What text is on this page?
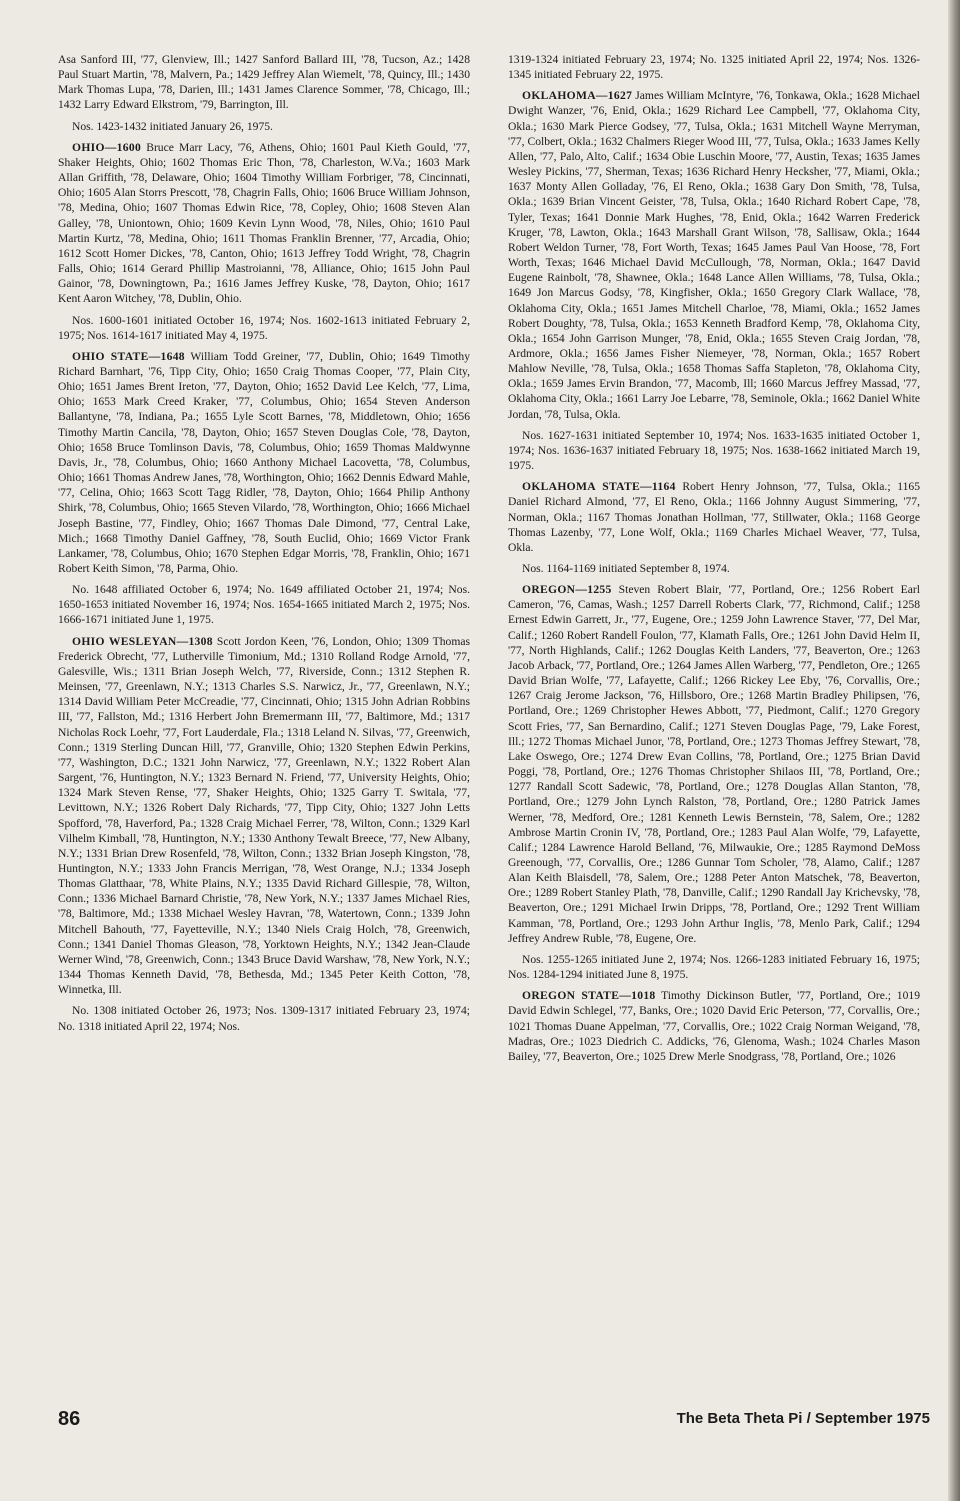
Asa Sanford III, '77, Glenview, Ill.; 1427 Sanford Ballard III, '78, Tucson, Az.; 1428 Paul Stuart Martin, '78, Malvern, Pa.; 1429 Jeffrey Alan Wiemelt, '78, Quincy, Ill.; 1430 Mark Thomas Lupa, '78, Darien, Ill.; 1431 James Clarence Sommer, '78, Chicago, Ill.; 1432 Larry Edward Elkstrom, '79, Barrington, Ill.

Nos. 1423-1432 initiated January 26, 1975.

OHIO—1600 Bruce Marr Lacy, '76, Athens, Ohio; 1601 Paul Kieth Gould, '77, Shaker Heights, Ohio; 1602 Thomas Eric Thon, '78, Charleston, W.Va.; 1603 Mark Allan Griffith, '78, Delaware, Ohio; 1604 Timothy William Forbriger, '78, Cincinnati, Ohio; 1605 Alan Storrs Prescott, '78, Chagrin Falls, Ohio; 1606 Bruce William Johnson, '78, Medina, Ohio; 1607 Thomas Edwin Rice, '78, Copley, Ohio; 1608 Steven Alan Galley, '78, Uniontown, Ohio; 1609 Kevin Lynn Wood, '78, Niles, Ohio; 1610 Paul Martin Kurtz, '78, Medina, Ohio; 1611 Thomas Franklin Brenner, '77, Arcadia, Ohio; 1612 Scott Homer Dickes, '78, Canton, Ohio; 1613 Jeffrey Todd Wright, '78, Chagrin Falls, Ohio; 1614 Gerard Phillip Mastroianni, '78, Alliance, Ohio; 1615 John Paul Gainor, '78, Downingtown, Pa.; 1616 James Jeffrey Kuske, '78, Dayton, Ohio; 1617 Kent Aaron Witchey, '78, Dublin, Ohio.

Nos. 1600-1601 initiated October 16, 1974; Nos. 1602-1613 initiated February 2, 1975; Nos. 1614-1617 initiated May 4, 1975.

OHIO STATE—1648 William Todd Greiner, '77, Dublin, Ohio; 1649 Timothy Richard Barnhart, '76, Tipp City, Ohio; 1650 Craig Thomas Cooper, '77, Plain City, Ohio; 1651 James Brent Ireton, '77, Dayton, Ohio; 1652 David Lee Kelch, '77, Lima, Ohio; 1653 Mark Creed Kraker, '77, Columbus, Ohio; 1654 Steven Anderson Ballantyne, '78, Indiana, Pa.; 1655 Lyle Scott Barnes, '78, Middletown, Ohio; 1656 Timothy Martin Cancila, '78, Dayton, Ohio; 1657 Steven Douglas Cole, '78, Dayton, Ohio; 1658 Bruce Tomlinson Davis, '78, Columbus, Ohio; 1659 Thomas Maldwynne Davis, Jr., '78, Columbus, Ohio; 1660 Anthony Michael Lacovetta, '78, Columbus, Ohio; 1661 Thomas Andrew Janes, '78, Worthington, Ohio; 1662 Dennis Edward Mahle, '77, Celina, Ohio; 1663 Scott Tagg Ridler, '78, Dayton, Ohio; 1664 Philip Anthony Shirk, '78, Columbus, Ohio; 1665 Steven Vilardo, '78, Worthington, Ohio; 1666 Michael Joseph Bastine, '77, Findley, Ohio; 1667 Thomas Dale Dimond, '77, Central Lake, Mich.; 1668 Timothy Daniel Gaffney, '78, South Euclid, Ohio; 1669 Victor Frank Lankamer, '78, Columbus, Ohio; 1670 Stephen Edgar Morris, '78, Franklin, Ohio; 1671 Robert Keith Simon, '78, Parma, Ohio.

No. 1648 affiliated October 6, 1974; No. 1649 affiliated October 21, 1974; Nos. 1650-1653 initiated November 16, 1974; Nos. 1654-1665 initiated March 2, 1975; Nos. 1666-1671 initiated June 1, 1975.

OHIO WESLEYAN—1308 Scott Jordon Keen, '76, London, Ohio; 1309 Thomas Frederick Obrecht, '77, Lutherville Timonium, Md.; 1310 Rolland Rodge Arnold, '77, Galesville, Wis.; 1311 Brian Joseph Welch, '77, Riverside, Conn.; 1312 Stephen R. Meinsen, '77, Greenlawn, N.Y.; 1313 Charles S.S. Narwicz, Jr., '77, Greenlawn, N.Y.; 1314 David William Peter McCreadie, '77, Cincinnati, Ohio; 1315 John Adrian Robbins III, '77, Fallston, Md.; 1316 Herbert John Bremermann III, '77, Baltimore, Md.; 1317 Nicholas Rock Loehr, '77, Fort Lauderdale, Fla.; 1318 Leland N. Silvas, '77, Greenwich, Conn.; 1319 Sterling Duncan Hill, '77, Granville, Ohio; 1320 Stephen Edwin Perkins, '77, Washington, D.C.; 1321 John Narwicz, '77, Greenlawn, N.Y.; 1322 Robert Alan Sargent, '76, Huntington, N.Y.; 1323 Bernard N. Friend, '77, University Heights, Ohio; 1324 Mark Steven Rense, '77, Shaker Heights, Ohio; 1325 Garry T. Switala, '77, Levittown, N.Y.; 1326 Robert Daly Richards, '77, Tipp City, Ohio; 1327 John Letts Spofford, '78, Haverford, Pa.; 1328 Craig Michael Ferrer, '78, Wilton, Conn.; 1329 Karl Vilhelm Kimball, '78, Huntington, N.Y.; 1330 Anthony Tewalt Breece, '77, New Albany, N.Y.; 1331 Brian Drew Rosenfeld, '78, Wilton, Conn.; 1332 Brian Joseph Kingston, '78, Huntington, N.Y.; 1333 John Francis Merrigan, '78, West Orange, N.J.; 1334 Joseph Thomas Glatthaar, '78, White Plains, N.Y.; 1335 David Richard Gillespie, '78, Wilton, Conn.; 1336 Michael Barnard Christie, '78, New York, N.Y.; 1337 James Michael Ries, '78, Baltimore, Md.; 1338 Michael Wesley Havran, '78, Watertown, Conn.; 1339 John Mitchell Bahouth, '77, Fayetteville, N.Y.; 1340 Niels Craig Holch, '78, Greenwich, Conn.; 1341 Daniel Thomas Gleason, '78, Yorktown Heights, N.Y.; 1342 Jean-Claude Werner Wind, '78, Greenwich, Conn.; 1343 Bruce David Warshaw, '78, New York, N.Y.; 1344 Thomas Kenneth David, '78, Bethesda, Md.; 1345 Peter Keith Cotton, '78, Winnetka, Ill.

No. 1308 initiated October 26, 1973; Nos. 1309-1317 initiated February 23, 1974; No. 1318 initiated April 22, 1974; Nos.

1319-1324 initiated February 23, 1974; No. 1325 initiated April 22, 1974; Nos. 1326-1345 initiated February 22, 1975.

OKLAHOMA—1627 James William McIntyre, '76, Tonkawa, Okla.; 1628 Michael Dwight Wanzer, '76, Enid, Okla.; 1629 Richard Lee Campbell, '77, Oklahoma City, Okla.; 1630 Mark Pierce Godsey, '77, Tulsa, Okla.; 1631 Mitchell Wayne Merryman, '77, Colbert, Okla.; 1632 Chalmers Rieger Wood III, '77, Tulsa, Okla.; 1633 James Kelly Allen, '77, Palo, Alto, Calif.; 1634 Obie Luschin Moore, '77, Austin, Texas; 1635 James Wesley Pickins, '77, Sherman, Texas; 1636 Richard Henry Hecksher, '77, Miami, Okla.; 1637 Monty Allen Golladay, '76, El Reno, Okla.; 1638 Gary Don Smith, '78, Tulsa, Okla.; 1639 Brian Vincent Geister, '78, Tulsa, Okla.; 1640 Richard Robert Cape, '78, Tyler, Texas; 1641 Donnie Mark Hughes, '78, Enid, Okla.; 1642 Warren Frederick Kruger, '78, Lawton, Okla.; 1643 Marshall Grant Wilson, '78, Sallisaw, Okla.; 1644 Robert Weldon Turner, '78, Fort Worth, Texas; 1645 James Paul Van Hoose, '78, Fort Worth, Texas; 1646 Michael David McCullough, '78, Norman, Okla.; 1647 David Eugene Rainbolt, '78, Shawnee, Okla.; 1648 Lance Allen Williams, '78, Tulsa, Okla.; 1649 Jon Marcus Godsy, '78, Kingfisher, Okla.; 1650 Gregory Clark Wallace, '78, Oklahoma City, Okla.; 1651 James Mitchell Charloe, '78, Miami, Okla.; 1652 James Robert Doughty, '78, Tulsa, Okla.; 1653 Kenneth Bradford Kemp, '78, Oklahoma City, Okla.; 1654 John Garrison Munger, '78, Enid, Okla.; 1655 Steven Craig Jordan, '78, Ardmore, Okla.; 1656 James Fisher Niemeyer, '78, Norman, Okla.; 1657 Robert Mahlow Neville, '78, Tulsa, Okla.; 1658 Thomas Saffa Stapleton, '78, Oklahoma City, Okla.; 1659 James Ervin Brandon, '77, Macomb, Ill; 1660 Marcus Jeffrey Massad, '77, Oklahoma City, Okla.; 1661 Larry Joe Lebarre, '78, Seminole, Okla.; 1662 Daniel White Jordan, '78, Tulsa, Okla.

Nos. 1627-1631 initiated September 10, 1974; Nos. 1633-1635 initiated October 1, 1974; Nos. 1636-1637 initiated February 18, 1975; Nos. 1638-1662 initiated March 19, 1975.

OKLAHOMA STATE—1164 Robert Henry Johnson, '77, Tulsa, Okla.; 1165 Daniel Richard Almond, '77, El Reno, Okla.; 1166 Johnny August Simmering, '77, Norman, Okla.; 1167 Thomas Jonathan Hollman, '77, Stillwater, Okla.; 1168 George Thomas Lazenby, '77, Lone Wolf, Okla.; 1169 Charles Michael Weaver, '77, Tulsa, Okla.

Nos. 1164-1169 initiated September 8, 1974.

OREGON—1255 Steven Robert Blair, '77, Portland, Ore.; 1256 Robert Earl Cameron, '76, Camas, Wash.; 1257 Darrell Roberts Clark, '77, Richmond, Calif.; 1258 Ernest Edwin Garrett, Jr., '77, Eugene, Ore.; 1259 John Lawrence Staver, '77, Del Mar, Calif.; 1260 Robert Randell Foulon, '77, Klamath Falls, Ore.; 1261 John David Helm II, '77, North Highlands, Calif.; 1262 Douglas Keith Landers, '77, Beaverton, Ore.; 1263 Jacob Arback, '77, Portland, Ore.; 1264 James Allen Warberg, '77, Pendleton, Ore.; 1265 David Brian Wolfe, '77, Lafayette, Calif.; 1266 Rickey Lee Eby, '76, Corvallis, Ore.; 1267 Craig Jerome Jackson, '76, Hillsboro, Ore.; 1268 Martin Bradley Philipsen, '76, Portland, Ore.; 1269 Christopher Hewes Abbott, '77, Piedmont, Calif.; 1270 Gregory Scott Fries, '77, San Bernardino, Calif.; 1271 Steven Douglas Page, '79, Lake Forest, Ill.; 1272 Thomas Michael Junor, '78, Portland, Ore.; 1273 Thomas Jeffrey Stewart, '78, Lake Oswego, Ore.; 1274 Drew Evan Collins, '78, Portland, Ore.; 1275 Brian David Poggi, '78, Portland, Ore.; 1276 Thomas Christopher Shilaos III, '78, Portland, Ore.; 1277 Randall Scott Sadewic, '78, Portland, Ore.; 1278 Douglas Allan Stanton, '78, Portland, Ore.; 1279 John Lynch Ralston, '78, Portland, Ore.; 1280 Patrick James Werner, '78, Medford, Ore.; 1281 Kenneth Lewis Bernstein, '78, Salem, Ore.; 1282 Ambrose Martin Cronin IV, '78, Portland, Ore.; 1283 Paul Alan Wolfe, '79, Lafayette, Calif.; 1284 Lawrence Harold Belland, '76, Milwaukie, Ore.; 1285 Raymond DeMoss Greenough, '77, Corvallis, Ore.; 1286 Gunnar Tom Scholer, '78, Alamo, Calif.; 1287 Alan Keith Blaisdell, '78, Salem, Ore.; 1288 Peter Anton Matschek, '78, Beaverton, Ore.; 1289 Robert Stanley Plath, '78, Danville, Calif.; 1290 Randall Jay Krichevsky, '78, Beaverton, Ore.; 1291 Michael Irwin Dripps, '78, Portland, Ore.; 1292 Trent William Kamman, '78, Portland, Ore.; 1293 John Arthur Inglis, '78, Menlo Park, Calif.; 1294 Jeffrey Andrew Ruble, '78, Eugene, Ore.

Nos. 1255-1265 initiated June 2, 1974; Nos. 1266-1283 initiated February 16, 1975; Nos. 1284-1294 initiated June 8, 1975.

OREGON STATE—1018 Timothy Dickinson Butler, '77, Portland, Ore.; 1019 David Edwin Schlegel, '77, Banks, Ore.; 1020 David Eric Peterson, '77, Corvallis, Ore.; 1021 Thomas Duane Appelman, '77, Corvallis, Ore.; 1022 Craig Norman Weigand, '78, Madras, Ore.; 1023 Diedrich C. Addicks, '76, Glenoma, Wash.; 1024 Charles Mason Bailey, '77, Beaverton, Ore.; 1025 Drew Merle Snodgrass, '78, Portland, Ore.; 1026

86	The Beta Theta Pi / September 1975
